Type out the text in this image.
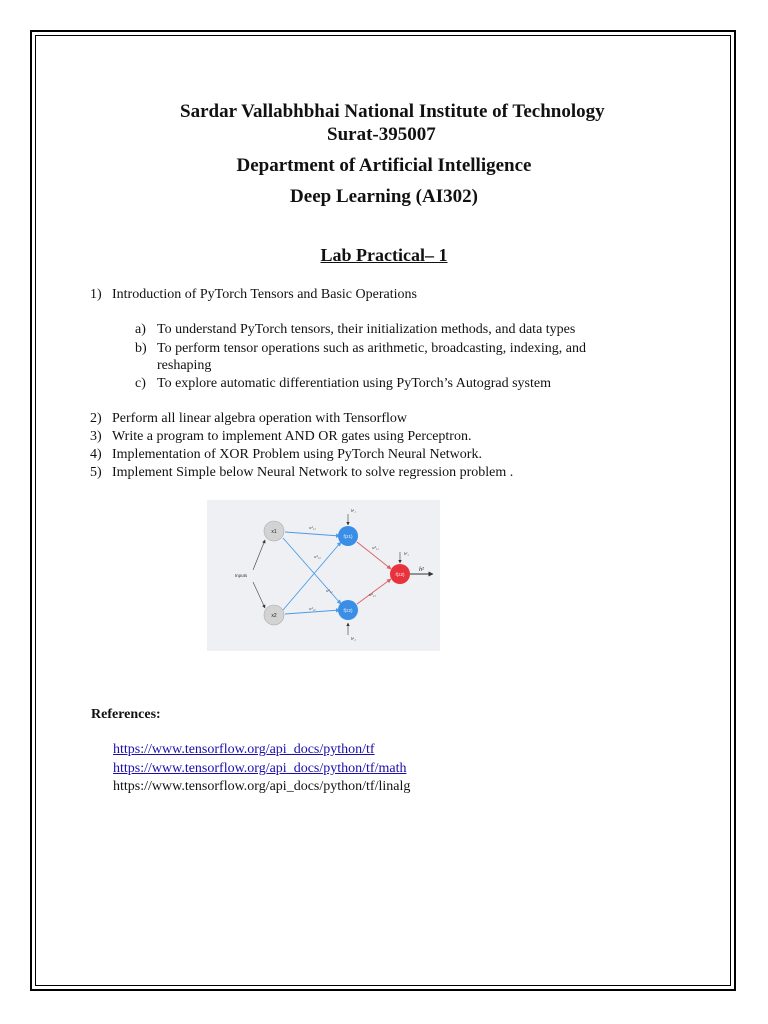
Sardar Vallabhbhai National Institute of Technology
Surat-395007
Department of Artificial Intelligence
Deep Learning (AI302)
Lab Practical– 1
1) Introduction of PyTorch Tensors and Basic Operations
a) To understand PyTorch tensors, their initialization methods, and data types
b) To perform tensor operations such as arithmetic, broadcasting, indexing, and
reshaping
c) To explore automatic differentiation using PyTorch’s Autograd system
2) Perform all linear algebra operation with Tensorflow
3) Write a program to implement AND OR gates using Perceptron.
4) Implementation of XOR Problem using PyTorch Neural Network.
5) Implement Simple below Neural Network to solve regression problem .
x1
x2
f(z1)
f(z2)
f(z2)
Inputs
h²
w¹₁₁
w¹₂₁
w¹₁₂
w¹₂₂
w²₁₁
w²₂₁
b¹₁
b¹₂
b²₁
References:
https://www.tensorflow.org/api_docs/python/tf
https://www.tensorflow.org/api_docs/python/tf/math
https://www.tensorflow.org/api_docs/python/tf/linalg
